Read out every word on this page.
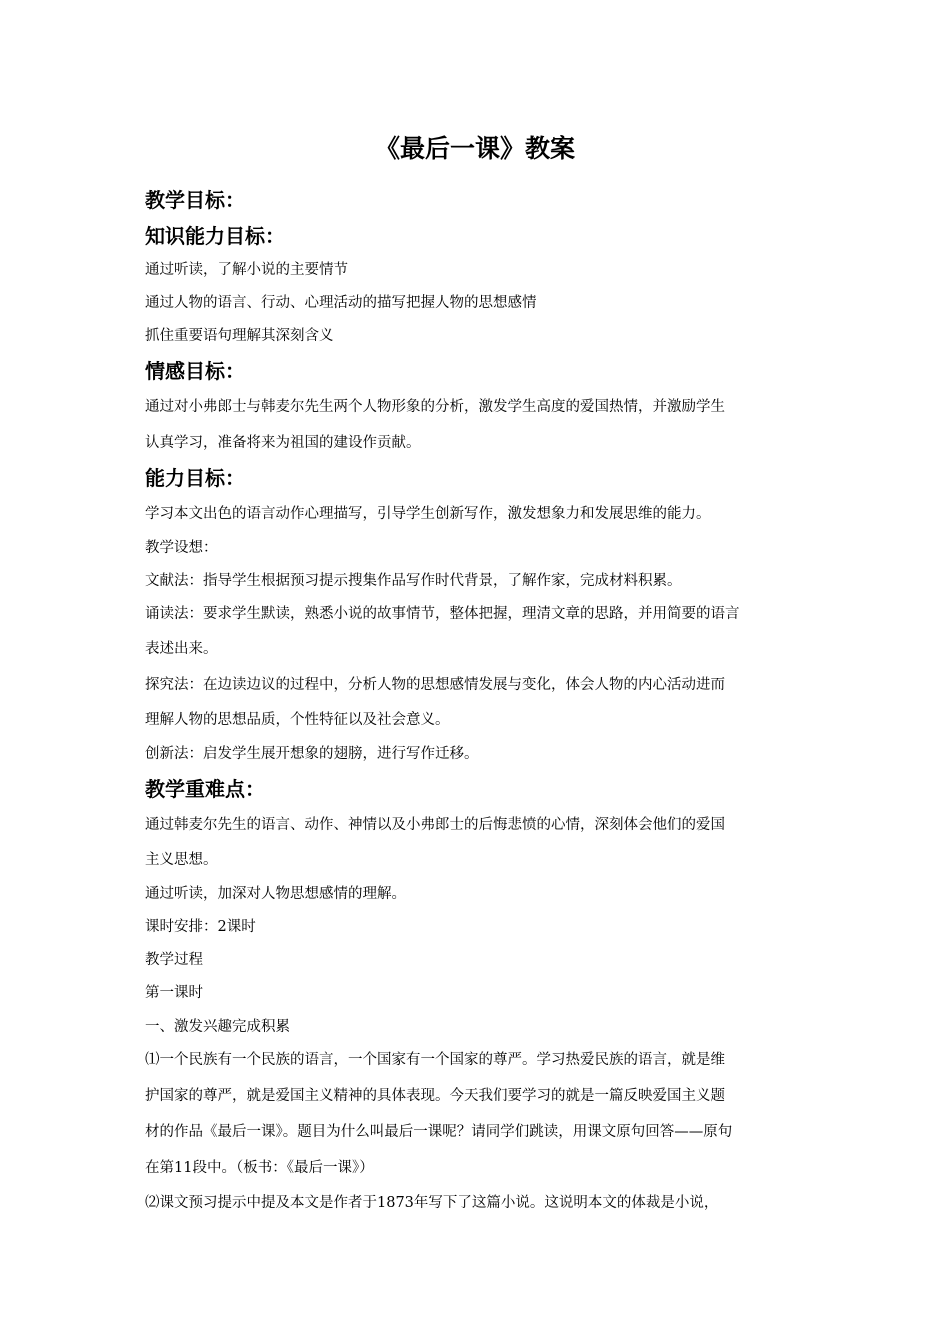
《最后一课》教案
教学目标：
知识能力目标：

通过听读，了解小说的主要情节

通过人物的语言、行动、心理活动的描写把握人物的思想感情

抓住重要语句理解其深刻含义

情感目标：

通过对小弗郎士与韩麦尔先生两个人物形象的分析，激发学生高度的爱国热情，并激励学生

认真学习，准备将来为祖国的建设作贡献。

能力目标：

学习本文出色的语言动作心理描写，引导学生创新写作，激发想象力和发展思维的能力。

教学设想：

文献法：指导学生根据预习提示搜集作品写作时代背景，了解作家，完成材料积累。

诵读法：要求学生默读，熟悉小说的故事情节，整体把握，理清文章的思路，并用简要的语言

表述出来。

探究法：在边读边议的过程中，分析人物的思想感情发展与变化，体会人物的内心活动进而

理解人物的思想品质，个性特征以及社会意义。

创新法：启发学生展开想象的翅膀，进行写作迁移。

教学重难点：

通过韩麦尔先生的语言、动作、神情以及小弗郎士的后悔悲愤的心情，深刻体会他们的爱国

主义思想。

通过听读，加深对人物思想感情的理解。

课时安排：2课时

教学过程

第一课时

一、激发兴趣完成积累

⑴一个民族有一个民族的语言，一个国家有一个国家的尊严。学习热爱民族的语言，就是维

护国家的尊严，就是爱国主义精神的具体表现。今天我们要学习的就是一篇反映爱国主义题

材的作品《最后一课》。题目为什么叫最后一课呢？请同学们跳读，用课文原句回答——原句

在第11段中。（板书：《最后一课》）

⑵课文预习提示中提及本文是作者于1873年写下了这篇小说。这说明本文的体裁是小说，
